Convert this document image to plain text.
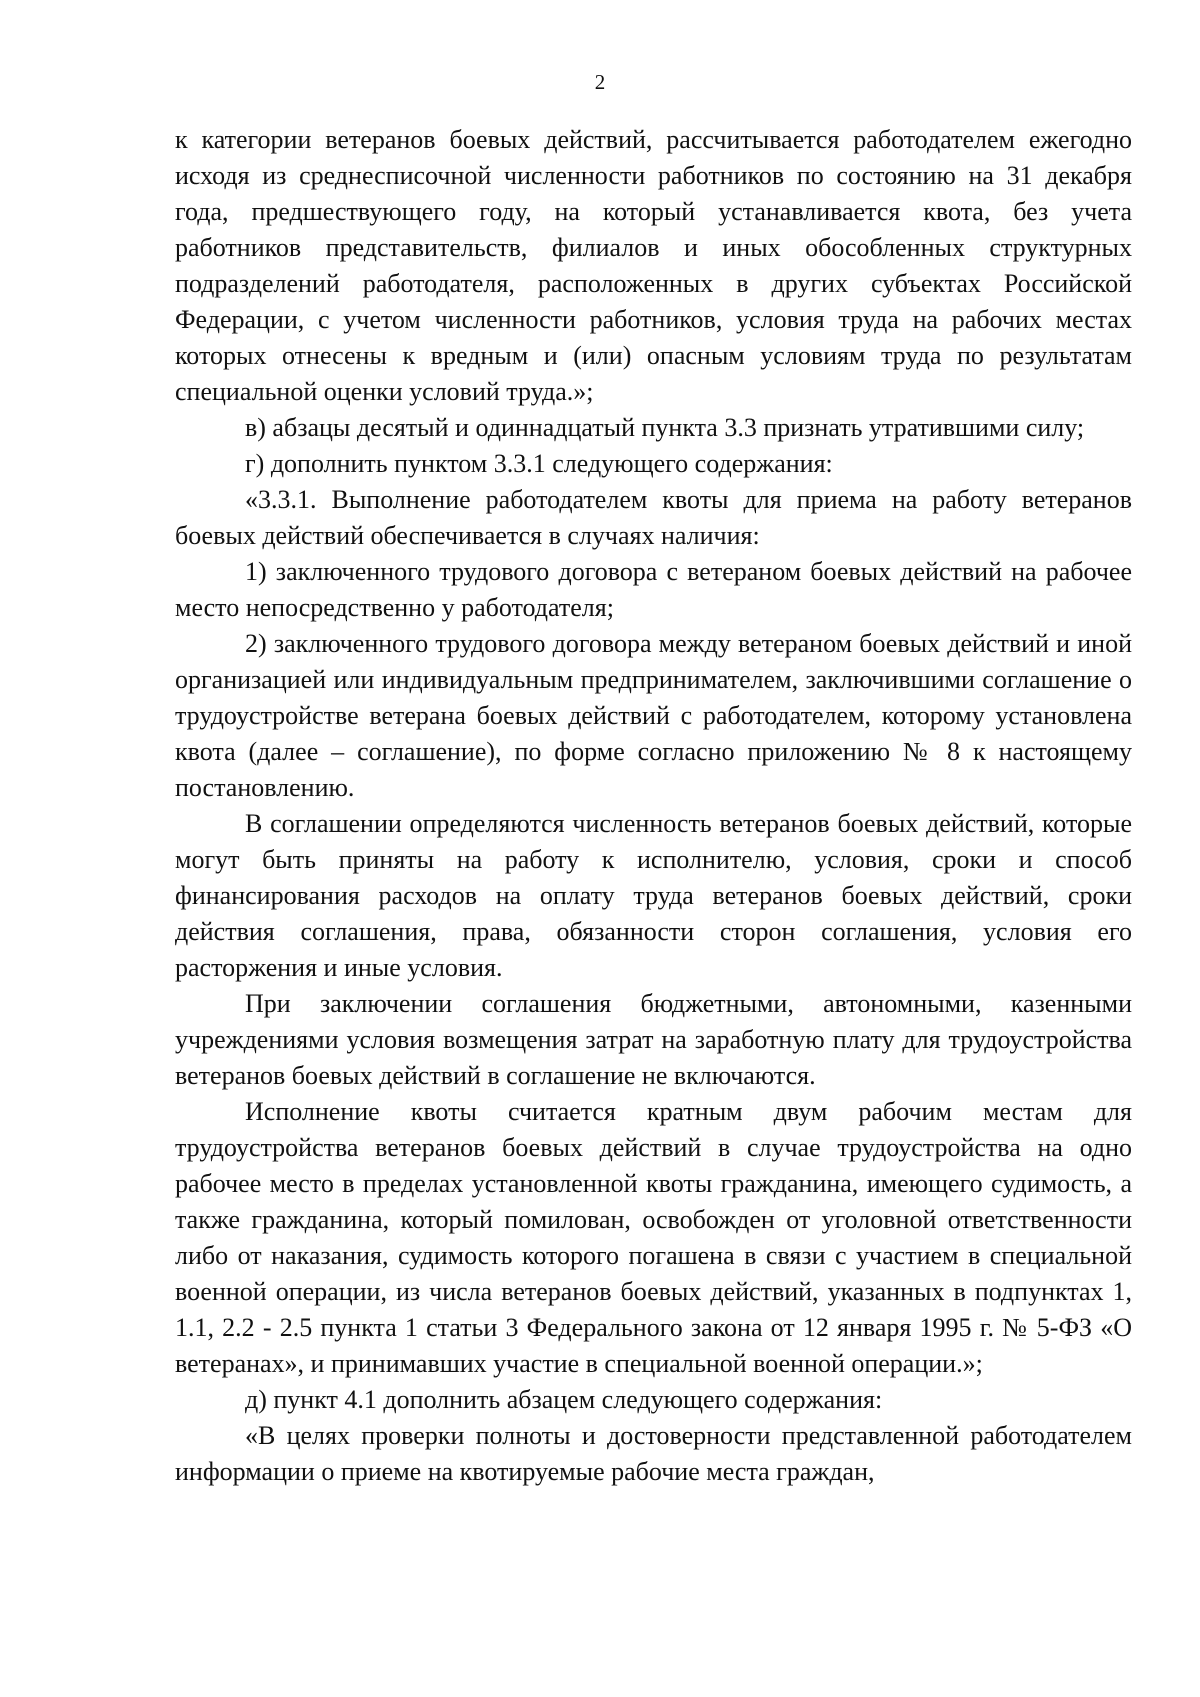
2

к категории ветеранов боевых действий, рассчитывается работодателем ежегодно исходя из среднесписочной численности работников по состоянию на 31 декабря года, предшествующего году, на который устанавливается квота, без учета работников представительств, филиалов и иных обособленных структурных подразделений работодателя, расположенных в других субъектах Российской Федерации, с учетом численности работников, условия труда на рабочих местах которых отнесены к вредным и (или) опасным условиям труда по результатам специальной оценки условий труда.»;

в) абзацы десятый и одиннадцатый пункта 3.3 признать утратившими силу;

г) дополнить пунктом 3.3.1 следующего содержания:

«3.3.1. Выполнение работодателем квоты для приема на работу ветеранов боевых действий обеспечивается в случаях наличия:

1) заключенного трудового договора с ветераном боевых действий на рабочее место непосредственно у работодателя;

2) заключенного трудового договора между ветераном боевых действий и иной организацией или индивидуальным предпринимателем, заключившими соглашение о трудоустройстве ветерана боевых действий с работодателем, которому установлена квота (далее – соглашение), по форме согласно приложению № 8 к настоящему постановлению.

В соглашении определяются численность ветеранов боевых действий, которые могут быть приняты на работу к исполнителю, условия, сроки и способ финансирования расходов на оплату труда ветеранов боевых действий, сроки действия соглашения, права, обязанности сторон соглашения, условия его расторжения и иные условия.

При заключении соглашения бюджетными, автономными, казенными учреждениями условия возмещения затрат на заработную плату для трудоустройства ветеранов боевых действий в соглашение не включаются.

Исполнение квоты считается кратным двум рабочим местам для трудоустройства ветеранов боевых действий в случае трудоустройства на одно рабочее место в пределах установленной квоты гражданина, имеющего судимость, а также гражданина, который помилован, освобожден от уголовной ответственности либо от наказания, судимость которого погашена в связи с участием в специальной военной операции, из числа ветеранов боевых действий, указанных в подпунктах 1, 1.1, 2.2 - 2.5 пункта 1 статьи 3 Федерального закона от 12 января 1995 г. № 5-ФЗ «О ветеранах», и принимавших участие в специальной военной операции.»;

д) пункт 4.1 дополнить абзацем следующего содержания:

«В целях проверки полноты и достоверности представленной работодателем информации о приеме на квотируемые рабочие места граждан,
